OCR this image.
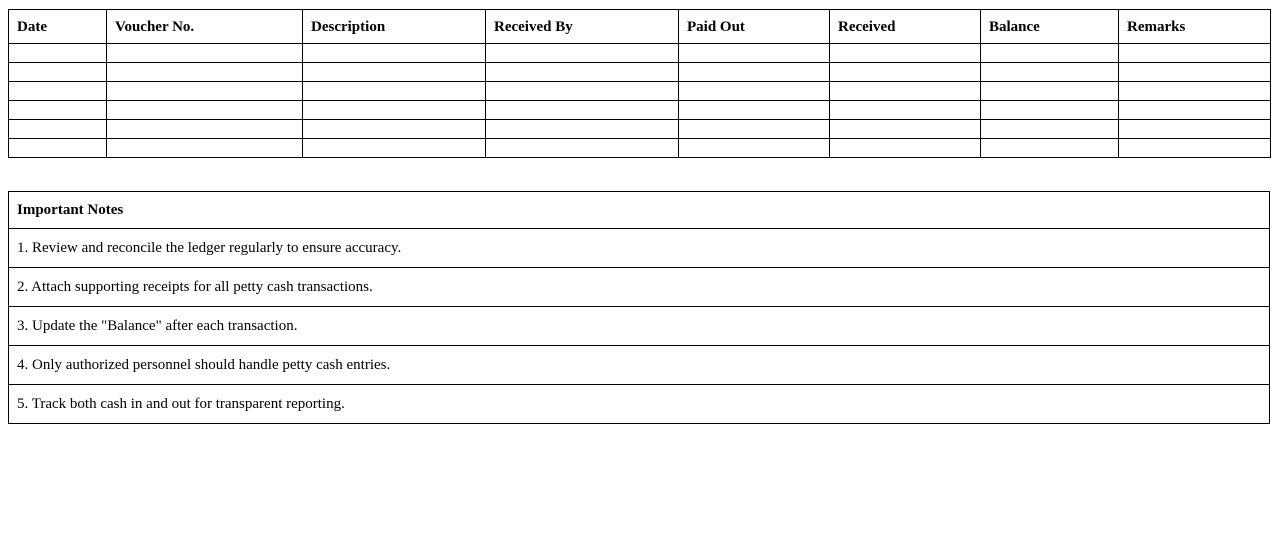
Date	Voucher No.	Description	Received By	Paid Out	Received	Balance	Remarks

Important Notes
1. Review and reconcile the ledger regularly to ensure accuracy.
2. Attach supporting receipts for all petty cash transactions.
3. Update the "Balance" after each transaction.
4. Only authorized personnel should handle petty cash entries.
5. Track both cash in and out for transparent reporting.
